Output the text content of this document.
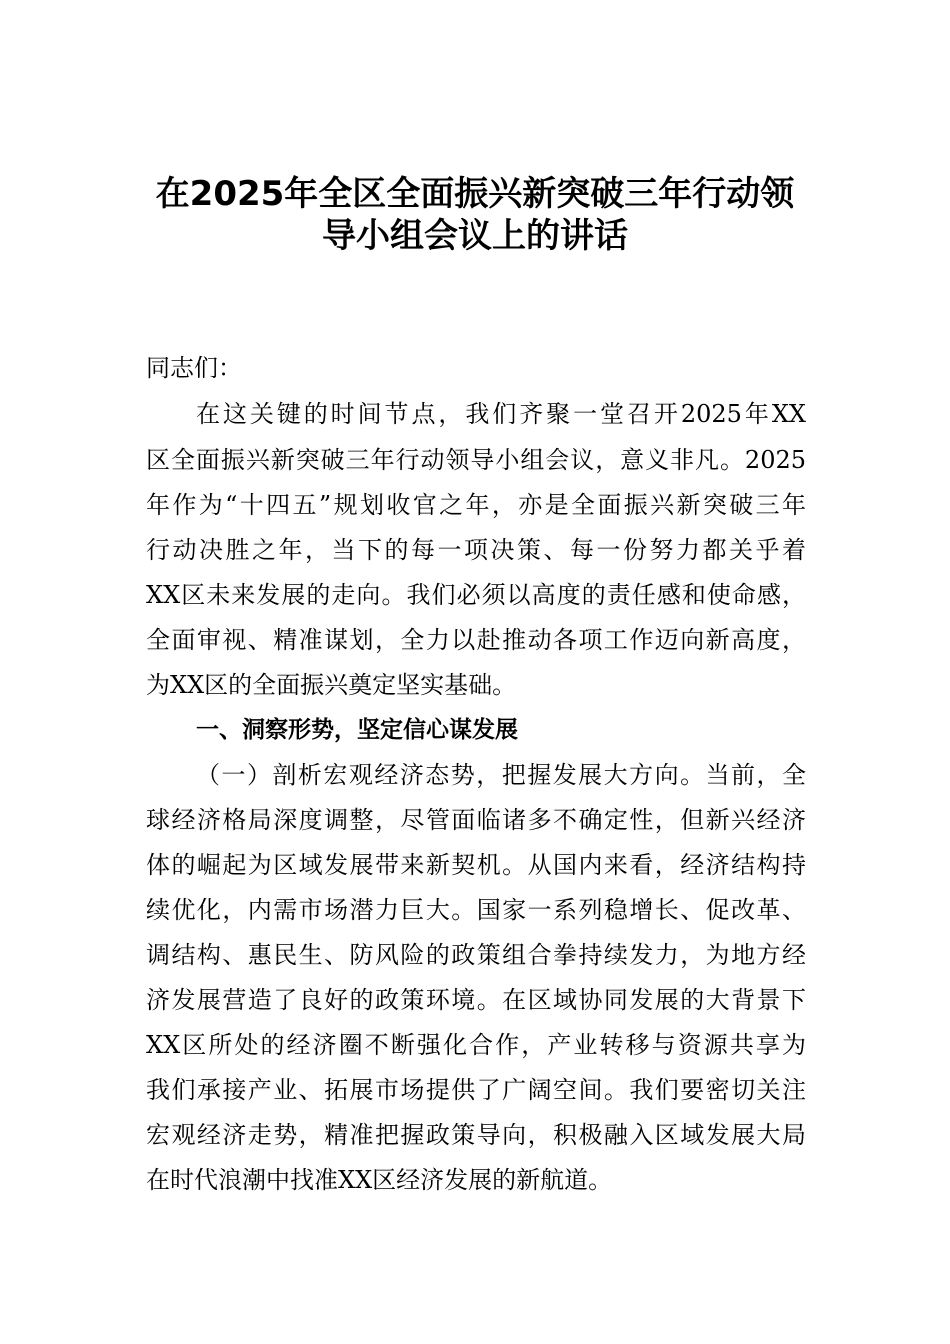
在2025年全区全面振兴新突破三年行动领
导小组会议上的讲话
同志们：
在这关键的时间节点，我们齐聚一堂召开2025年XX
区全面振兴新突破三年行动领导小组会议，意义非凡。2025
年作为“十四五”规划收官之年，亦是全面振兴新突破三年
行动决胜之年，当下的每一项决策、每一份努力都关乎着
XX区未来发展的走向。我们必须以高度的责任感和使命感，
全面审视、精准谋划，全力以赴推动各项工作迈向新高度，
为XX区的全面振兴奠定坚实基础。
一、洞察形势，坚定信心谋发展
（一）剖析宏观经济态势，把握发展大方向。当前，全
球经济格局深度调整，尽管面临诸多不确定性，但新兴经济
体的崛起为区域发展带来新契机。从国内来看，经济结构持
续优化，内需市场潜力巨大。国家一系列稳增长、促改革、
调结构、惠民生、防风险的政策组合拳持续发力，为地方经
济发展营造了良好的政策环境。在区域协同发展的大背景下
XX区所处的经济圈不断强化合作，产业转移与资源共享为
我们承接产业、拓展市场提供了广阔空间。我们要密切关注
宏观经济走势，精准把握政策导向，积极融入区域发展大局
在时代浪潮中找准XX区经济发展的新航道。
